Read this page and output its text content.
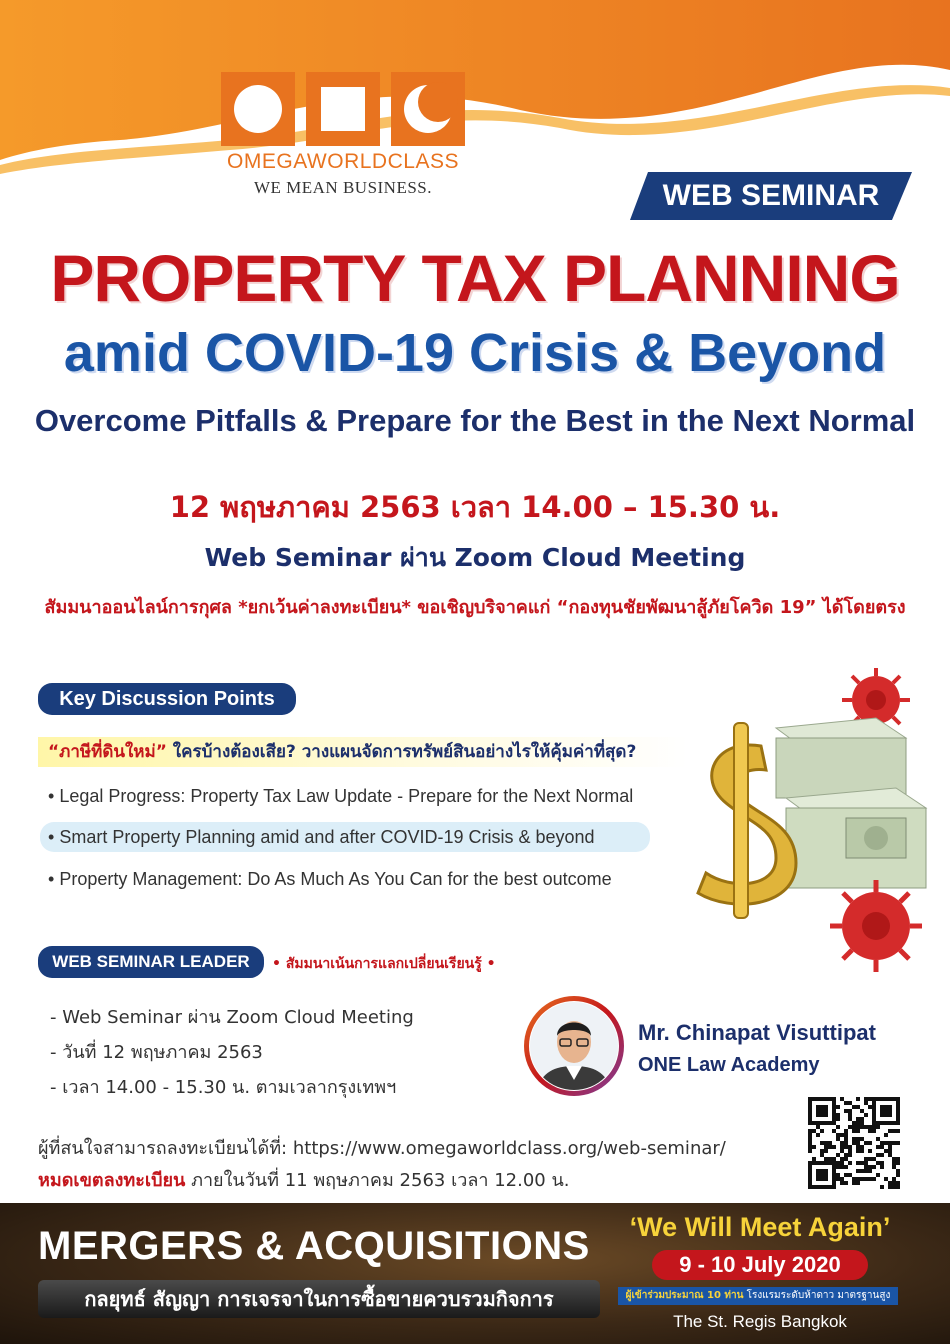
OMEGAWORLDCLASS
WE MEAN BUSINESS.	WEB SEMINAR
PROPERTY TAX PLANNING
amid COVID-19 Crisis & Beyond
Overcome Pitfalls & Prepare for the Best in the Next Normal
12 พฤษภาคม 2563 เวลา 14.00 – 15.30 น.
Web Seminar ผ่าน Zoom Cloud Meeting
สัมมนาออนไลน์การกุศล *ยกเว้นค่าลงทะเบียน* ขอเชิญบริจาคแก่ “กองทุนชัยพัฒนาสู้ภัยโควิด 19” ได้โดยตรง
Key Discussion Points
“ภาษีที่ดินใหม่” ใครบ้างต้องเสีย? วางแผนจัดการทรัพย์สินอย่างไรให้คุ้มค่าที่สุด?
• Legal Progress: Property Tax Law Update - Prepare for the Next Normal
• Smart Property Planning amid and after COVID-19 Crisis & beyond
• Property Management: Do As Much As You Can for the best outcome
WEB SEMINAR LEADER	• สัมมนาเน้นการแลกเปลี่ยนเรียนรู้ •
- Web Seminar ผ่าน Zoom Cloud Meeting
- วันที่ 12 พฤษภาคม 2563
- เวลา 14.00 - 15.30 น. ตามเวลากรุงเทพฯ
Mr. Chinapat Visuttipat
ONE Law Academy
ผู้ที่สนใจสามารถลงทะเบียนได้ที่: https://www.omegaworldclass.org/web-seminar/
หมดเขตลงทะเบียน ภายในวันที่ 11 พฤษภาคม 2563 เวลา 12.00 น.
MERGERS & ACQUISITIONS
กลยุทธ์ สัญญา การเจรจาในการซื้อขายควบรวมกิจการ
‘We Will Meet Again’
9 - 10 July 2020
ผู้เข้าร่วมประมาณ 10 ท่าน โรงแรมระดับห้าดาว มาตรฐานสูง
The St. Regis Bangkok
